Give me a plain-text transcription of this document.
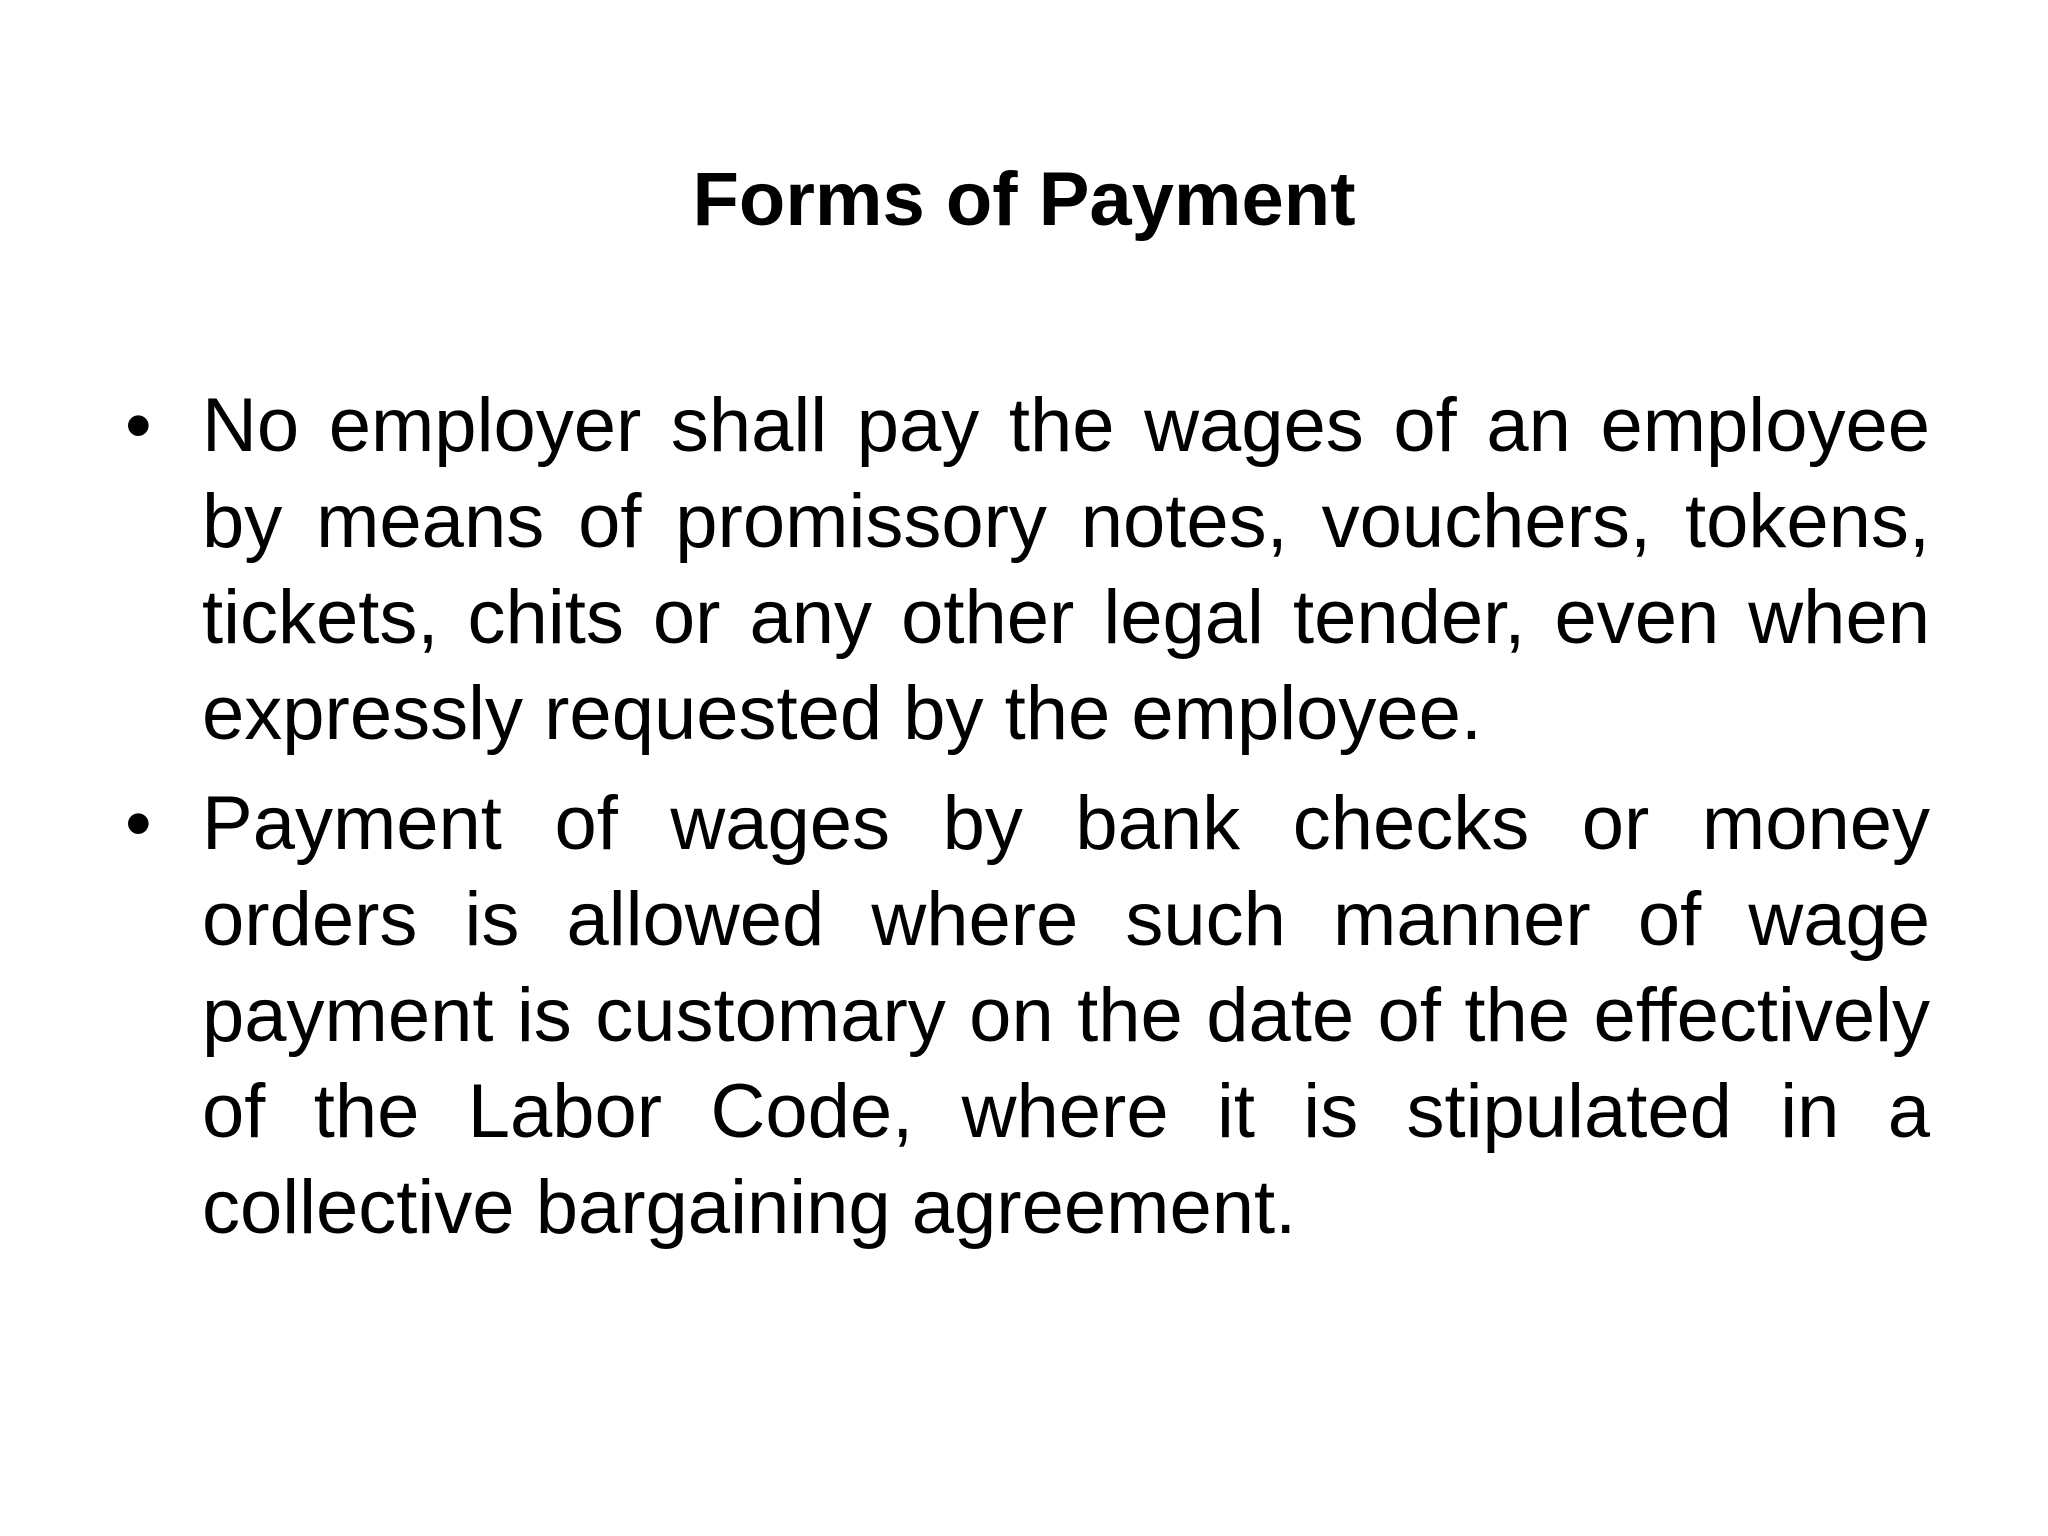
Forms of Payment
• No employer shall pay the wages of an employee by means of promissory notes, vouchers, tokens, tickets, chits or any other legal tender, even when expressly requested by the employee.
• Payment of wages by bank checks or money orders is allowed where such manner of wage payment is customary on the date of the effectively of the Labor Code, where it is stipulated in a collective bargaining agreement.
